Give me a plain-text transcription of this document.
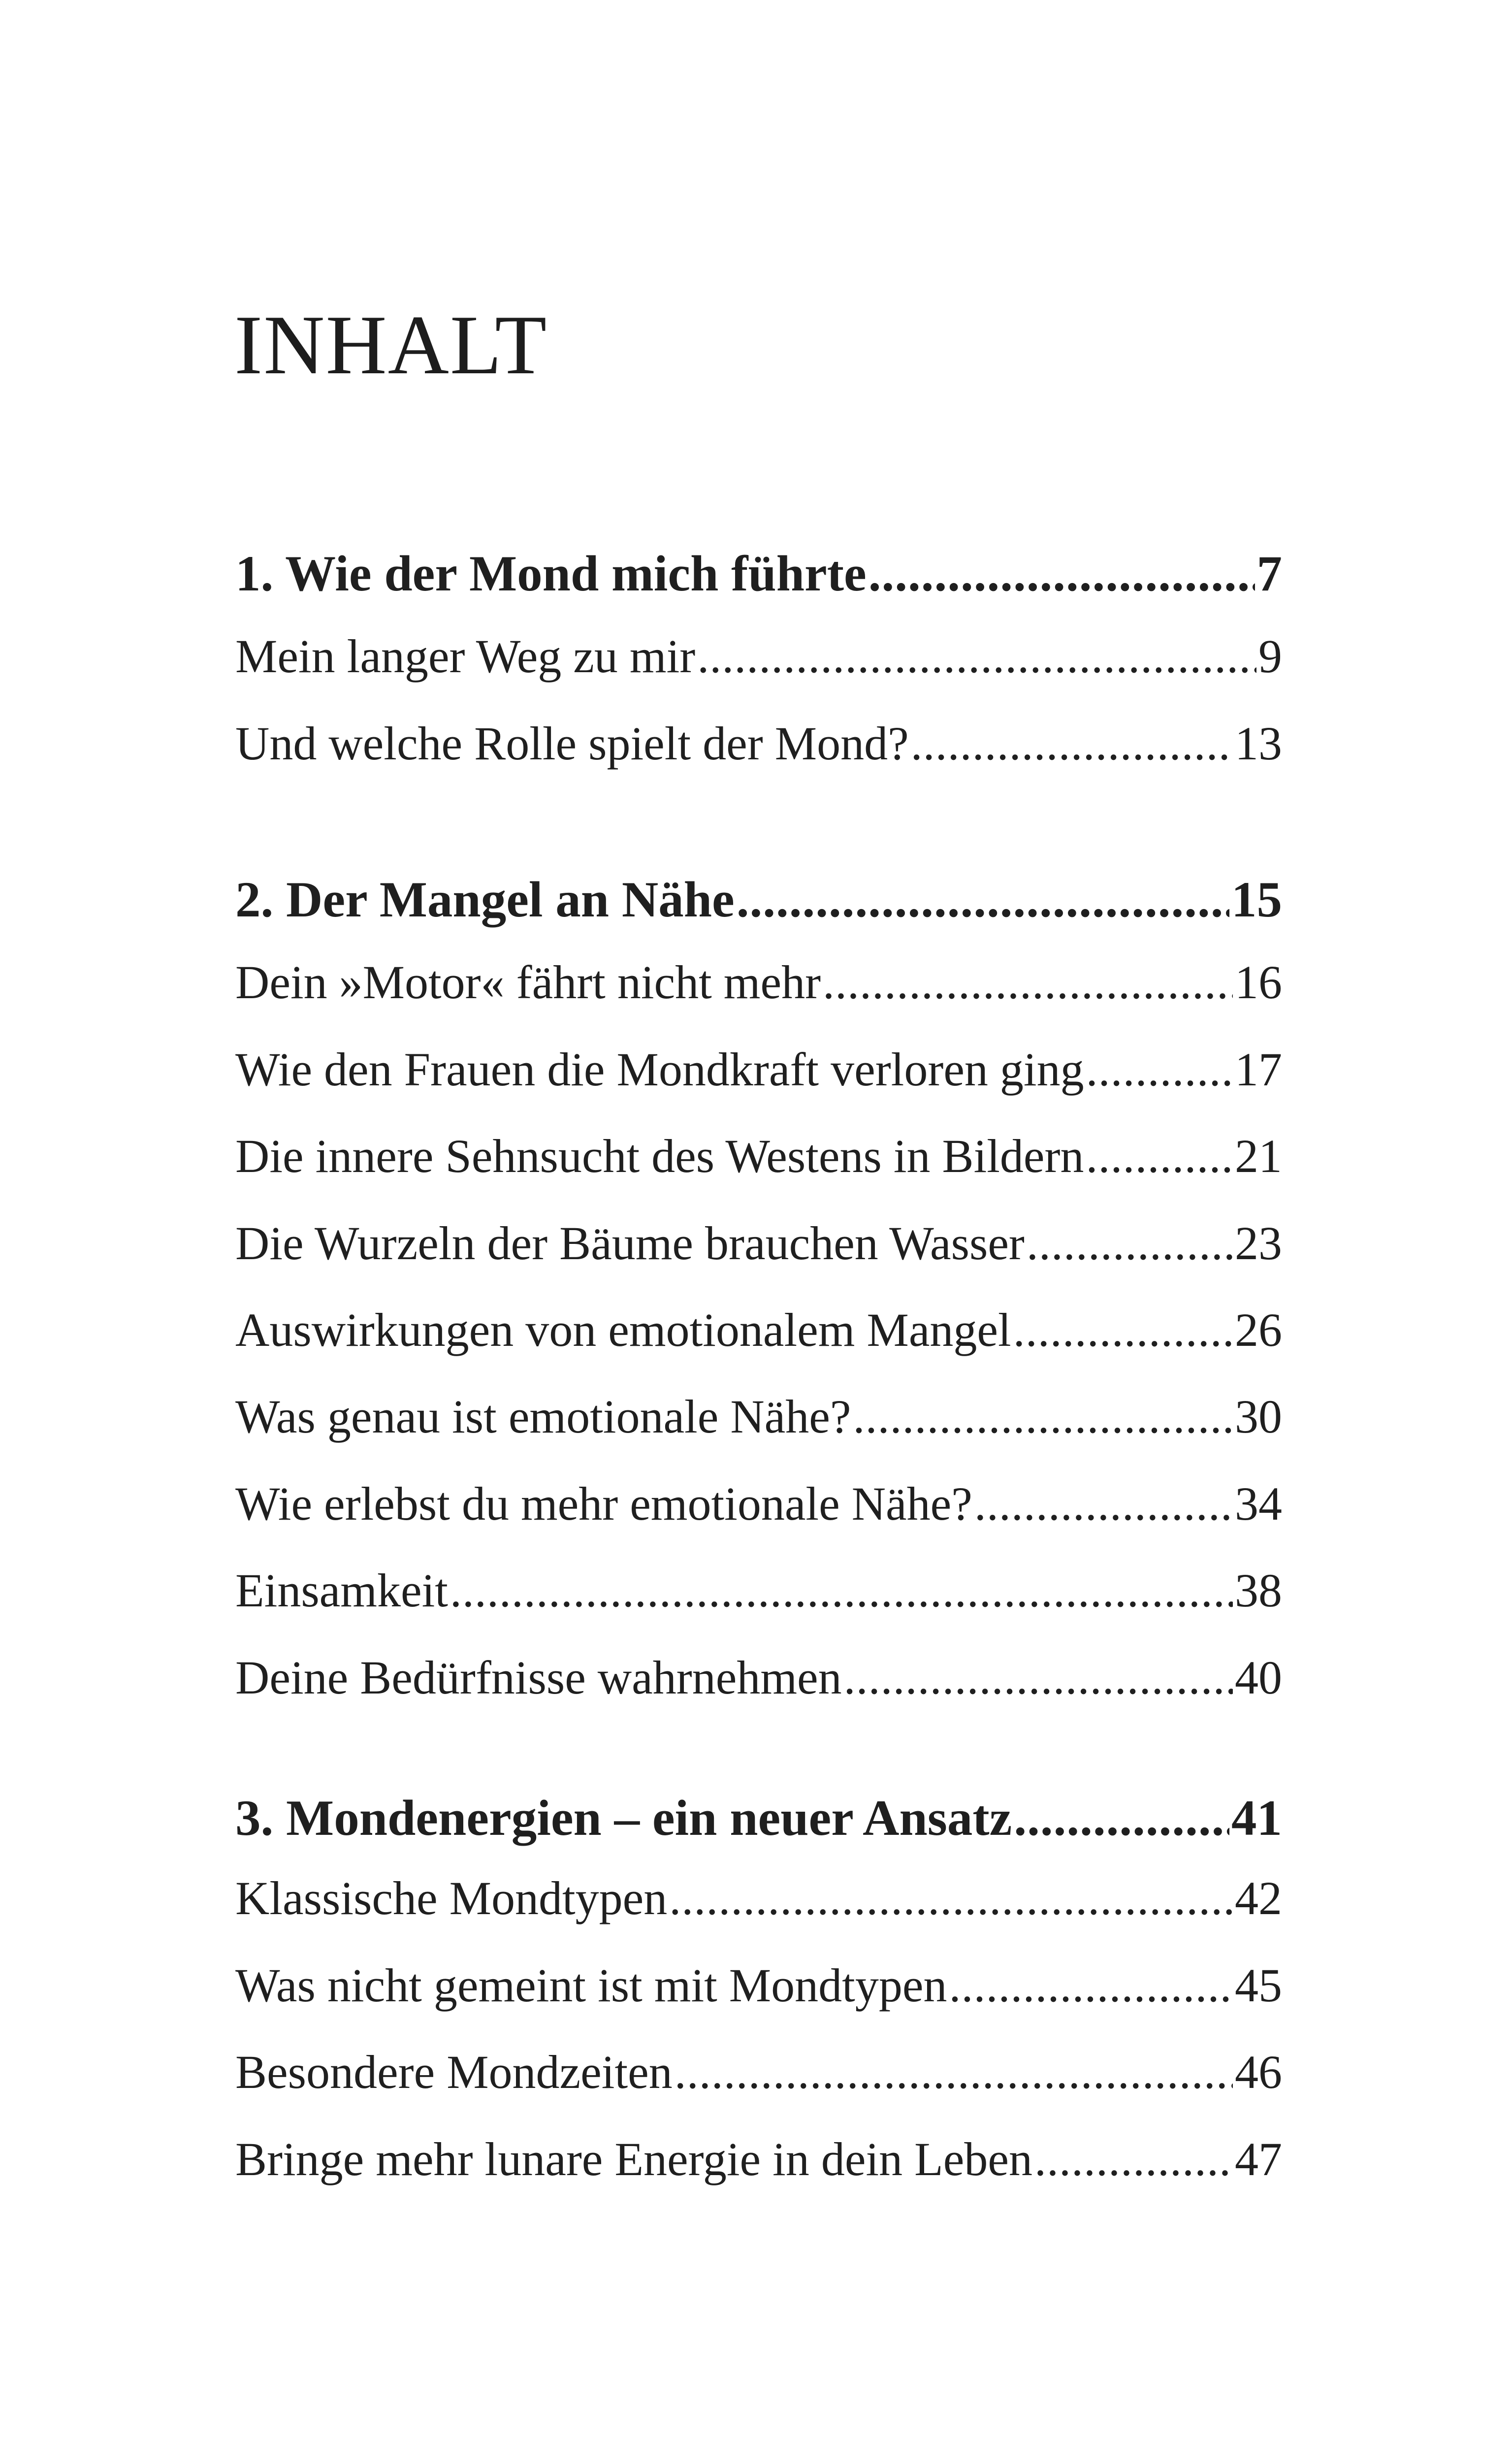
INHALT
1. Wie der Mond mich führte .....	7
Mein langer Weg zu mir .....	9
Und welche Rolle spielt der Mond? .....	13
2. Der Mangel an Nähe .....	15
Dein »Motor« fährt nicht mehr .....	16
Wie den Frauen die Mondkraft verloren ging .....	17
Die innere Sehnsucht des Westens in Bildern .....	21
Die Wurzeln der Bäume brauchen Wasser .....	23
Auswirkungen von emotionalem Mangel .....	26
Was genau ist emotionale Nähe? .....	30
Wie erlebst du mehr emotionale Nähe? .....	34
Einsamkeit .....	38
Deine Bedürfnisse wahrnehmen .....	40
3. Mondenergien – ein neuer Ansatz .....	41
Klassische Mondtypen .....	42
Was nicht gemeint ist mit Mondtypen .....	45
Besondere Mondzeiten .....	46
Bringe mehr lunare Energie in dein Leben .....	47
